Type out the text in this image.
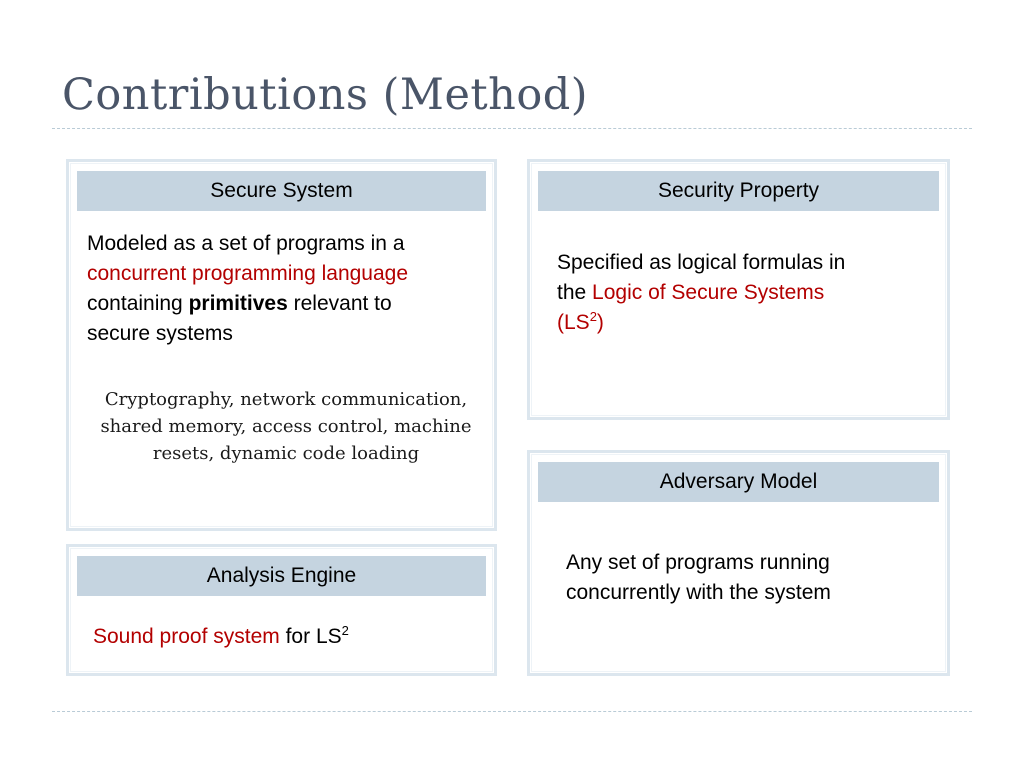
Contributions (Method)
Secure System
Modeled as a set of programs in a
concurrent programming language
containing primitives relevant to
secure systems
Cryptography, network communication, shared memory, access control, machine resets, dynamic code loading
Security Property
Specified as logical formulas in
the Logic of Secure Systems
$(LS^2)$
Adversary Model
Any set of programs running
concurrently with the system
Analysis Engine
Sound proof system for $LS^2$
